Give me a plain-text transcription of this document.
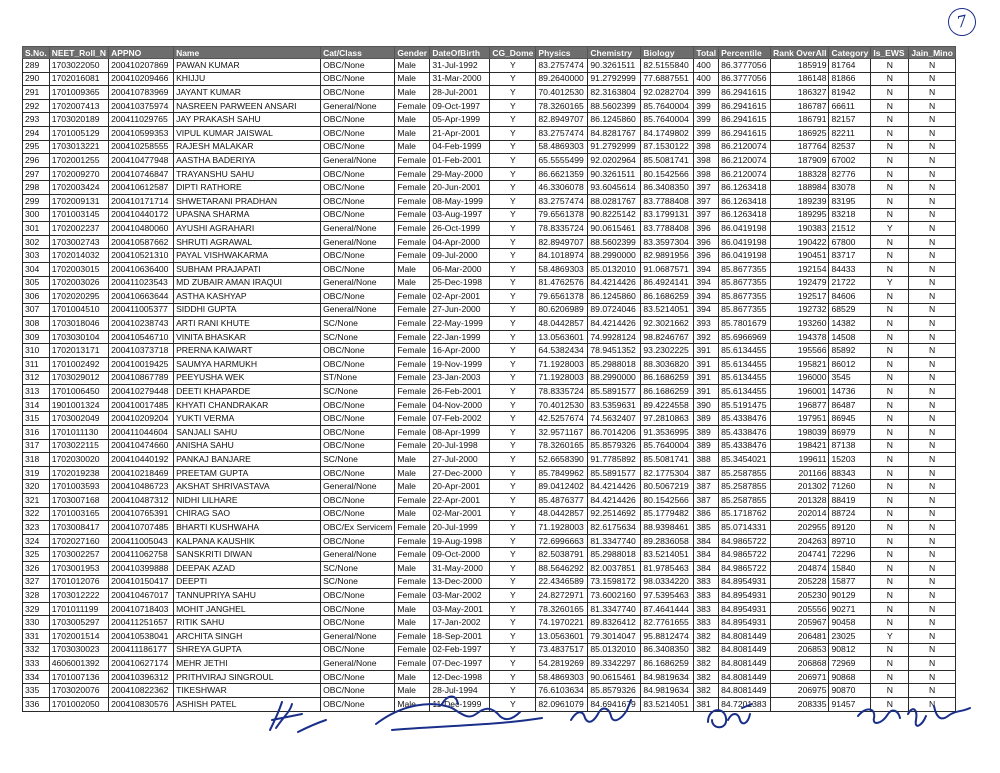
7
S.No.	NEET_Roll_N	APPNO	Name	Cat/Class	Gender	DateOfBirth	CG_Dome	Physics	Chemistry	Biology	Total	Percentile	Rank OverAll	Category	Is_EWS	Jain_Mino
289	1703022050	200410207869	PAWAN KUMAR	OBC/None	Male	31-Jul-1992	Y	83.2757474	90.3261511	82.5155840	400	86.3777056	185919	81764	N	N
290	1702016081	200410209466	KHIJJU	OBC/None	Male	31-Mar-2000	Y	89.2640000	91.2792999	77.6887551	400	86.3777056	186148	81866	N	N
291	1701009365	200410783969	JAYANT KUMAR	OBC/None	Male	28-Jul-2001	Y	70.4012530	82.3163804	92.0282704	399	86.2941615	186327	81942	N	N
292	1702007413	200410375974	NASREEN PARWEEN ANSARI	General/None	Female	09-Oct-1997	Y	78.3260165	88.5602399	85.7640004	399	86.2941615	186787	66611	N	N
293	1703020189	200411029765	JAY PRAKASH SAHU	OBC/None	Male	05-Apr-1999	Y	82.8949707	86.1245860	85.7640004	399	86.2941615	186791	82157	N	N
294	1701005129	200410599353	VIPUL KUMAR JAISWAL	OBC/None	Male	21-Apr-2001	Y	83.2757474	84.8281767	84.1749802	399	86.2941615	186925	82211	N	N
295	1703013221	200410258555	RAJESH MALAKAR	OBC/None	Male	04-Feb-1999	Y	58.4869303	91.2792999	87.1530122	398	86.2120074	187764	82537	N	N
296	1702001255	200410477948	AASTHA BADERIYA	General/None	Female	01-Feb-2001	Y	65.5555499	92.0202964	85.5081741	398	86.2120074	187909	67002	N	N
297	1702009270	200410746847	TRAYANSHU SAHU	OBC/None	Female	29-May-2000	Y	86.6621359	90.3261511	80.1542566	398	86.2120074	188328	82776	N	N
298	1702003424	200410612587	DIPTI RATHORE	OBC/None	Female	20-Jun-2001	Y	46.3306078	93.6045614	86.3408350	397	86.1263418	188984	83078	N	N
299	1702009131	200410171714	SHWETARANI PRADHAN	OBC/None	Female	08-May-1999	Y	83.2757474	88.0281767	83.7788408	397	86.1263418	189239	83195	N	N
300	1701003145	200410440172	UPASNA SHARMA	OBC/None	Female	03-Aug-1997	Y	79.6561378	90.8225142	83.1799131	397	86.1263418	189295	83218	N	N
301	1702002237	200410480060	AYUSHI AGRAHARI	General/None	Female	26-Oct-1999	Y	78.8335724	90.0615461	83.7788408	396	86.0419198	190383	21512	Y	N
302	1703002743	200410587662	SHRUTI AGRAWAL	General/None	Female	04-Apr-2000	Y	82.8949707	88.5602399	83.3597304	396	86.0419198	190422	67800	N	N
303	1702014032	200410521310	PAYAL VISHWAKARMA	OBC/None	Female	09-Jul-2000	Y	84.1018974	88.2990000	82.9891956	396	86.0419198	190451	83717	N	N
304	1702003015	200410636400	SUBHAM PRAJAPATI	OBC/None	Male	06-Mar-2000	Y	58.4869303	85.0132010	91.0687571	394	85.8677355	192154	84433	N	N
305	1702003026	200411023543	MD ZUBAIR AMAN IRAQUI	General/None	Male	25-Dec-1998	Y	81.4762576	84.4214426	86.4924141	394	85.8677355	192479	21722	Y	N
306	1702020295	200410663644	ASTHA KASHYAP	OBC/None	Female	02-Apr-2001	Y	79.6561378	86.1245860	86.1686259	394	85.8677355	192517	84606	N	N
307	1701004510	200411005377	SIDDHI GUPTA	General/None	Female	27-Jun-2000	Y	80.6206989	89.0724046	83.5214051	394	85.8677355	192732	68529	N	N
308	1703018046	200410238743	ARTI RANI KHUTE	SC/None	Female	22-May-1999	Y	48.0442857	84.4214426	92.3021662	393	85.7801679	193260	14382	N	N
309	1703030104	200410546710	VINITA BHASKAR	SC/None	Female	22-Jan-1999	Y	13.0563601	74.9928124	98.8246767	392	85.6966969	194378	14508	N	N
310	1702013171	200410373718	PRERNA KAIWART	OBC/None	Female	16-Apr-2000	Y	64.5382434	78.9451352	93.2302225	391	85.6134455	195566	85892	N	N
311	1701002492	200410019425	SAUMYA HARMUKH	OBC/None	Female	19-Nov-1999	Y	71.1928003	85.2988018	88.3036820	391	85.6134455	195821	86012	N	N
312	1703029012	200410867789	PEEYUSHA WEK	ST/None	Female	23-Jan-2003	Y	71.1928003	88.2990000	86.1686259	391	85.6134455	196000	3545	N	N
313	1701006450	200410279448	DEETI KHAPARDE	SC/None	Female	26-Feb-2001	Y	78.8335724	85.5891577	86.1686259	391	85.6134455	196001	14736	N	N
314	1901001324	200410017485	KHYATI CHANDRAKAR	OBC/None	Female	04-Nov-2000	Y	70.4012530	83.5359631	89.4224558	390	85.5191475	196877	86487	N	N
315	1703002049	200410209204	YUKTI VERMA	OBC/None	Female	07-Feb-2002	Y	42.5257674	74.5632407	97.2810863	389	85.4338476	197951	86945	N	N
316	1701011130	200411044604	SANJALI SAHU	OBC/None	Female	08-Apr-1999	Y	32.9571167	86.7014206	91.3536995	389	85.4338476	198039	86979	N	N
317	1703022115	200410474660	ANISHA SAHU	OBC/None	Female	20-Jul-1998	Y	78.3260165	85.8579326	85.7640004	389	85.4338476	198421	87138	N	N
318	1702030020	200410440192	PANKAJ BANJARE	SC/None	Male	27-Jul-2000	Y	52.6658390	91.7785892	85.5081741	388	85.3454021	199611	15203	N	N
319	1702019238	200410218469	PREETAM GUPTA	OBC/None	Male	27-Dec-2000	Y	85.7849962	85.5891577	82.1775304	387	85.2587855	201166	88343	N	N
320	1701003593	200410486723	AKSHAT SHRIVASTAVA	General/None	Male	20-Apr-2001	Y	89.0412402	84.4214426	80.5067219	387	85.2587855	201302	71260	N	N
321	1703007168	200410487312	NIDHI LILHARE	OBC/None	Female	22-Apr-2001	Y	85.4876377	84.4214426	80.1542566	387	85.2587855	201328	88419	N	N
322	1701003165	200410765391	CHIRAG SAO	OBC/None	Male	02-Mar-2001	Y	48.0442857	92.2514692	85.1779482	386	85.1718762	202014	88724	N	N
323	1703008417	200410707485	BHARTI KUSHWAHA	OBC/Ex Servicem	Female	20-Jul-1999	Y	71.1928003	82.6175634	88.9398461	385	85.0714331	202955	89120	N	N
324	1702027160	200411005043	KALPANA KAUSHIK	OBC/None	Female	19-Aug-1998	Y	72.6996663	81.3347740	89.2836058	384	84.9865722	204263	89710	N	N
325	1703002257	200411062758	SANSKRITI DIWAN	General/None	Female	09-Oct-2000	Y	82.5038791	85.2988018	83.5214051	384	84.9865722	204741	72296	N	N
326	1703001953	200410399888	DEEPAK AZAD	SC/None	Male	31-May-2000	Y	88.5646292	82.0037851	81.9785463	384	84.9865722	204874	15840	N	N
327	1701012076	200410150417	DEEPTI	SC/None	Female	13-Dec-2000	Y	22.4346589	73.1598172	98.0334220	383	84.8954931	205228	15877	N	N
328	1703012222	200410467017	TANNUPRIYA SAHU	OBC/None	Female	03-Mar-2002	Y	24.8272971	73.6002160	97.5395463	383	84.8954931	205230	90129	N	N
329	1701011199	200410718403	MOHIT JANGHEL	OBC/None	Male	03-May-2001	Y	78.3260165	81.3347740	87.4641444	383	84.8954931	205556	90271	N	N
330	1703005297	200411251657	RITIK SAHU	OBC/None	Male	17-Jan-2002	Y	74.1970221	89.8326412	82.7761655	383	84.8954931	205967	90458	N	N
331	1702001514	200410538041	ARCHITA SINGH	General/None	Female	18-Sep-2001	Y	13.0563601	79.3014047	95.8812474	382	84.8081449	206481	23025	Y	N
332	1703030023	200411186177	SHREYA GUPTA	OBC/None	Female	02-Feb-1997	Y	73.4837517	85.0132010	86.3408350	382	84.8081449	206853	90812	N	N
333	4606001392	200410627174	MEHR JETHI	General/None	Female	07-Dec-1997	Y	54.2819269	89.3342297	86.1686259	382	84.8081449	206868	72969	N	N
334	1701007136	200410396312	PRITHVIRAJ SINGROUL	OBC/None	Male	12-Dec-1998	Y	58.4869303	90.0615461	84.9819634	382	84.8081449	206971	90868	N	N
335	1703020076	200410822362	TIKESHWAR	OBC/None	Male	28-Jul-1994	Y	76.6103634	85.8579326	84.9819634	382	84.8081449	206975	90870	N	N
336	1701002050	200410830576	ASHISH PATEL	OBC/None	Male	11-Dec-1999	Y	82.0961079	84.6941679	83.5214051	381	84.7201383	208335	91457	N	N
